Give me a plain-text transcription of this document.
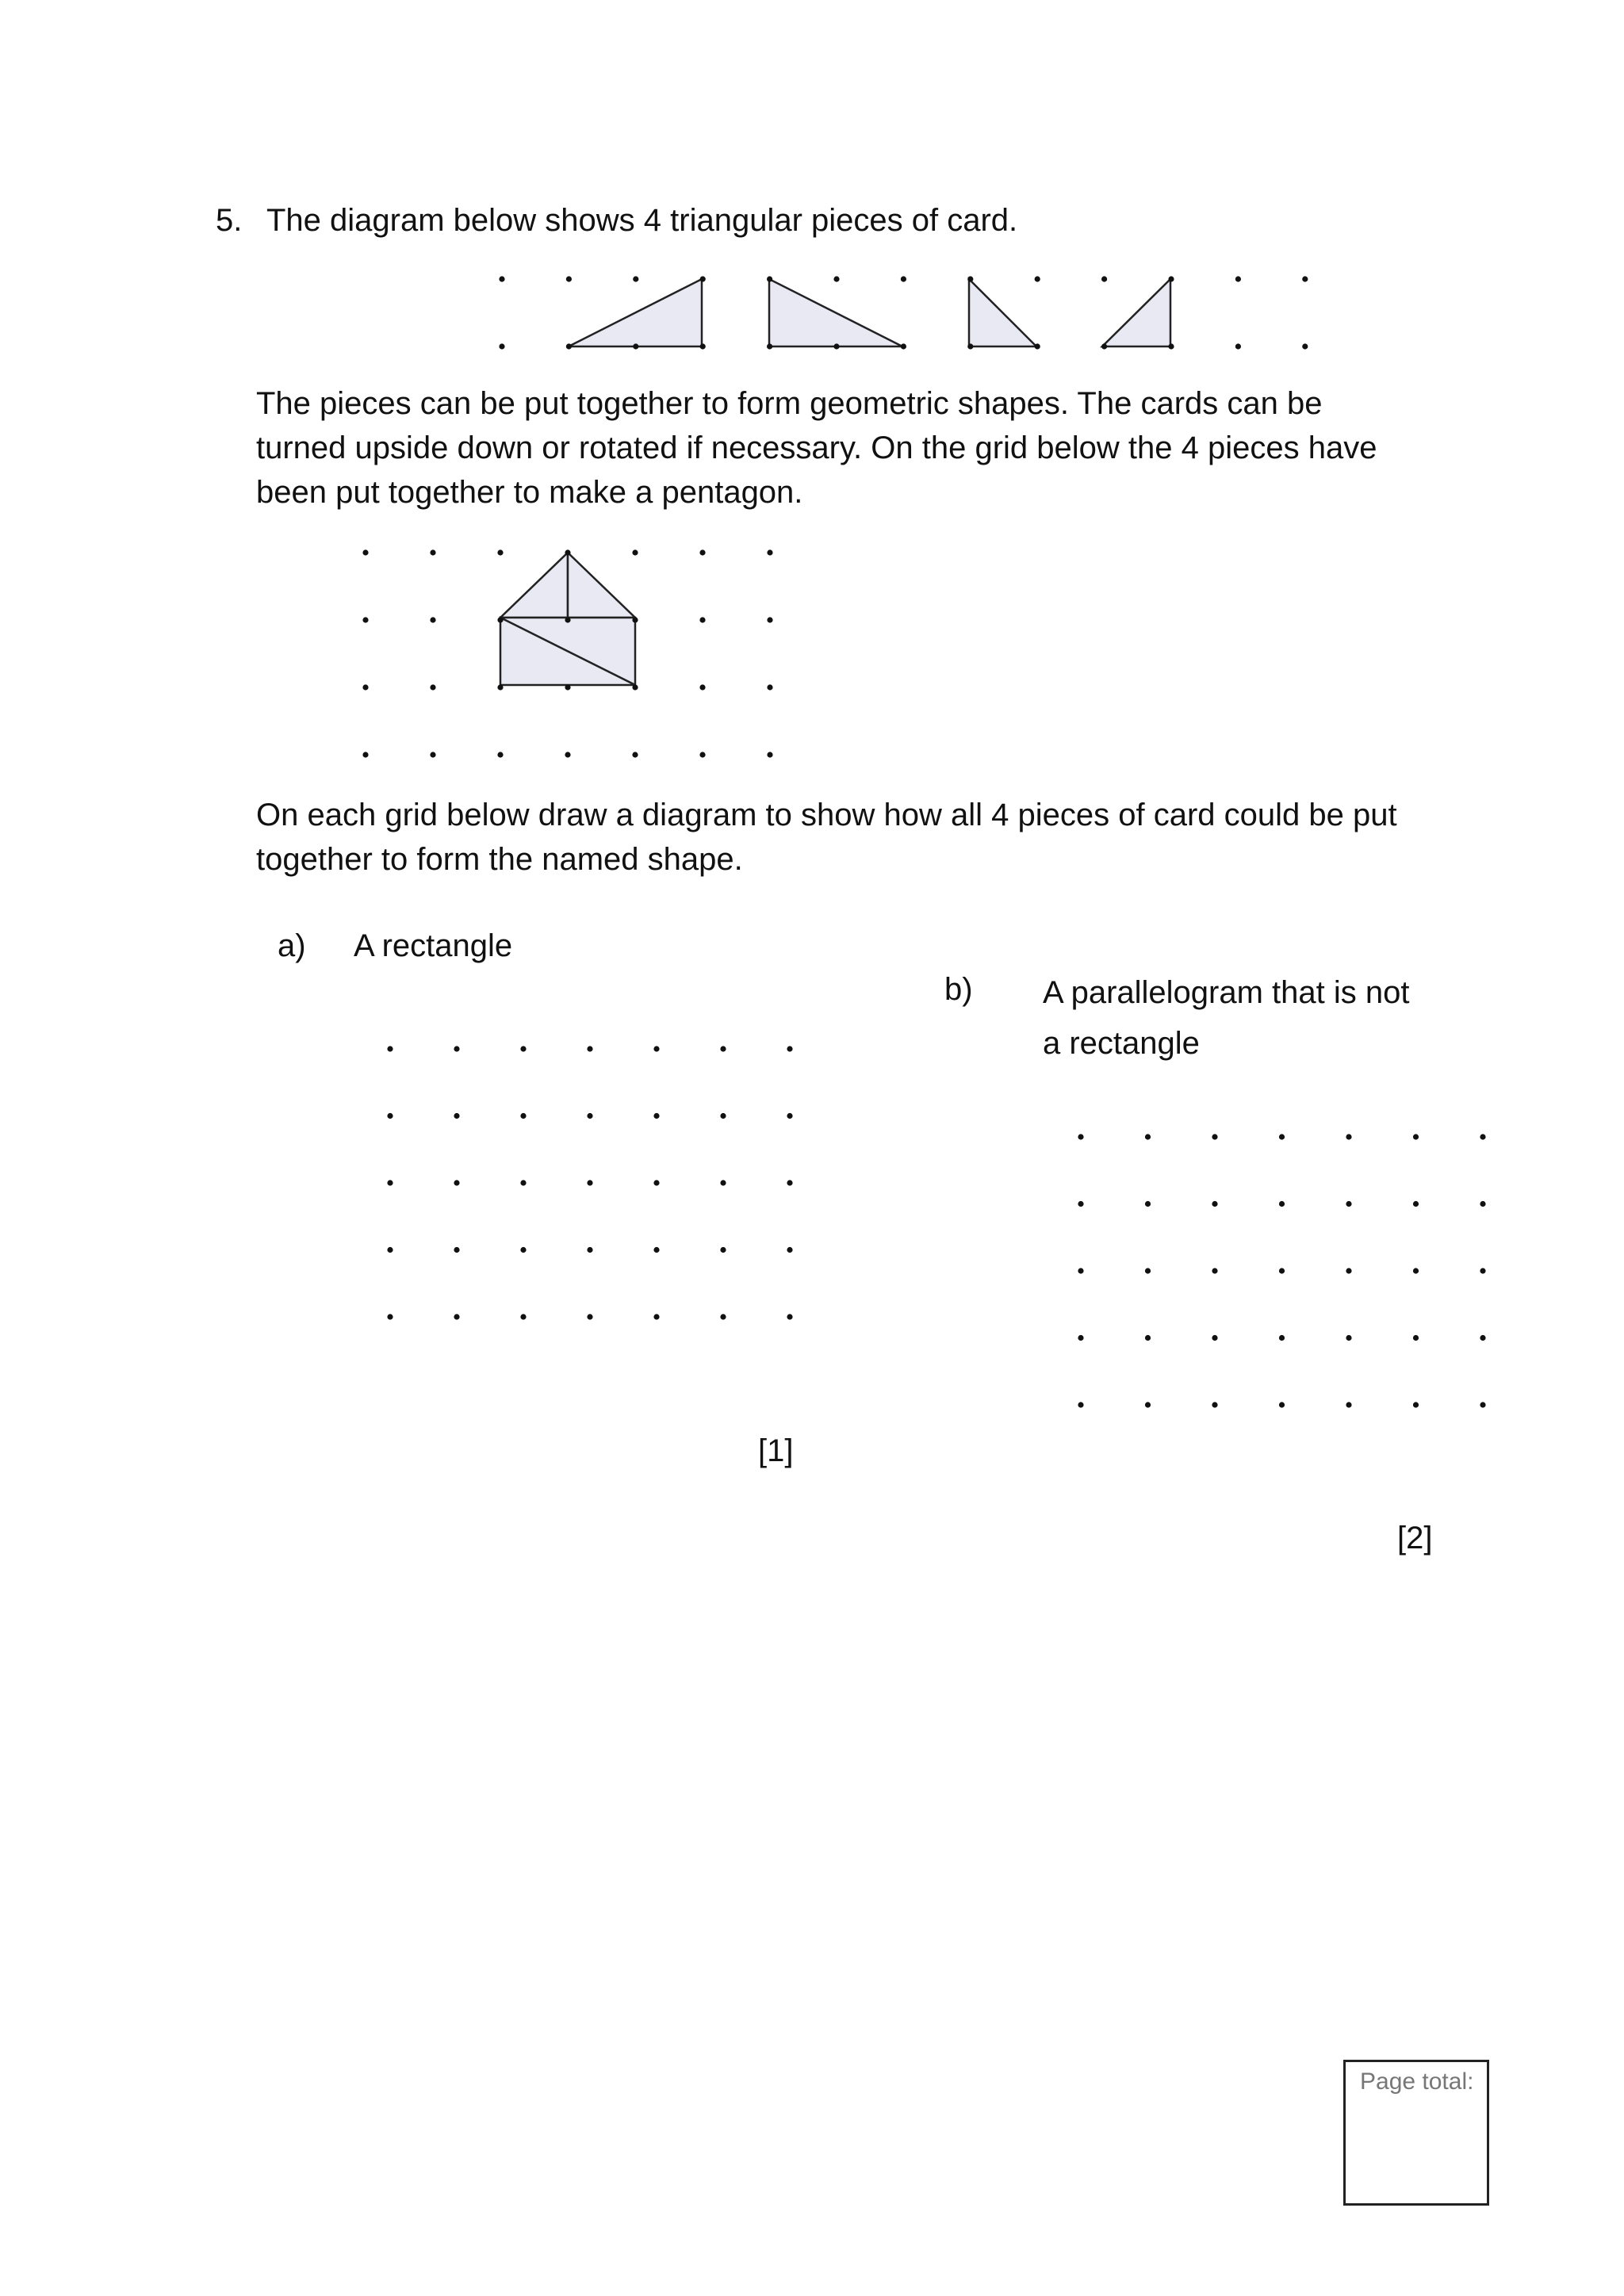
5. The diagram below shows 4 triangular pieces of card.
The pieces can be put together to form geometric shapes. The cards can be
turned upside down or rotated if necessary. On the grid below the 4 pieces have
been put together to make a pentagon.
On each grid below draw a diagram to show how all 4 pieces of card could be put
together to form the named shape.
a) A rectangle
[1]
b) A parallelogram that is not
a rectangle
[2]
Page total:
